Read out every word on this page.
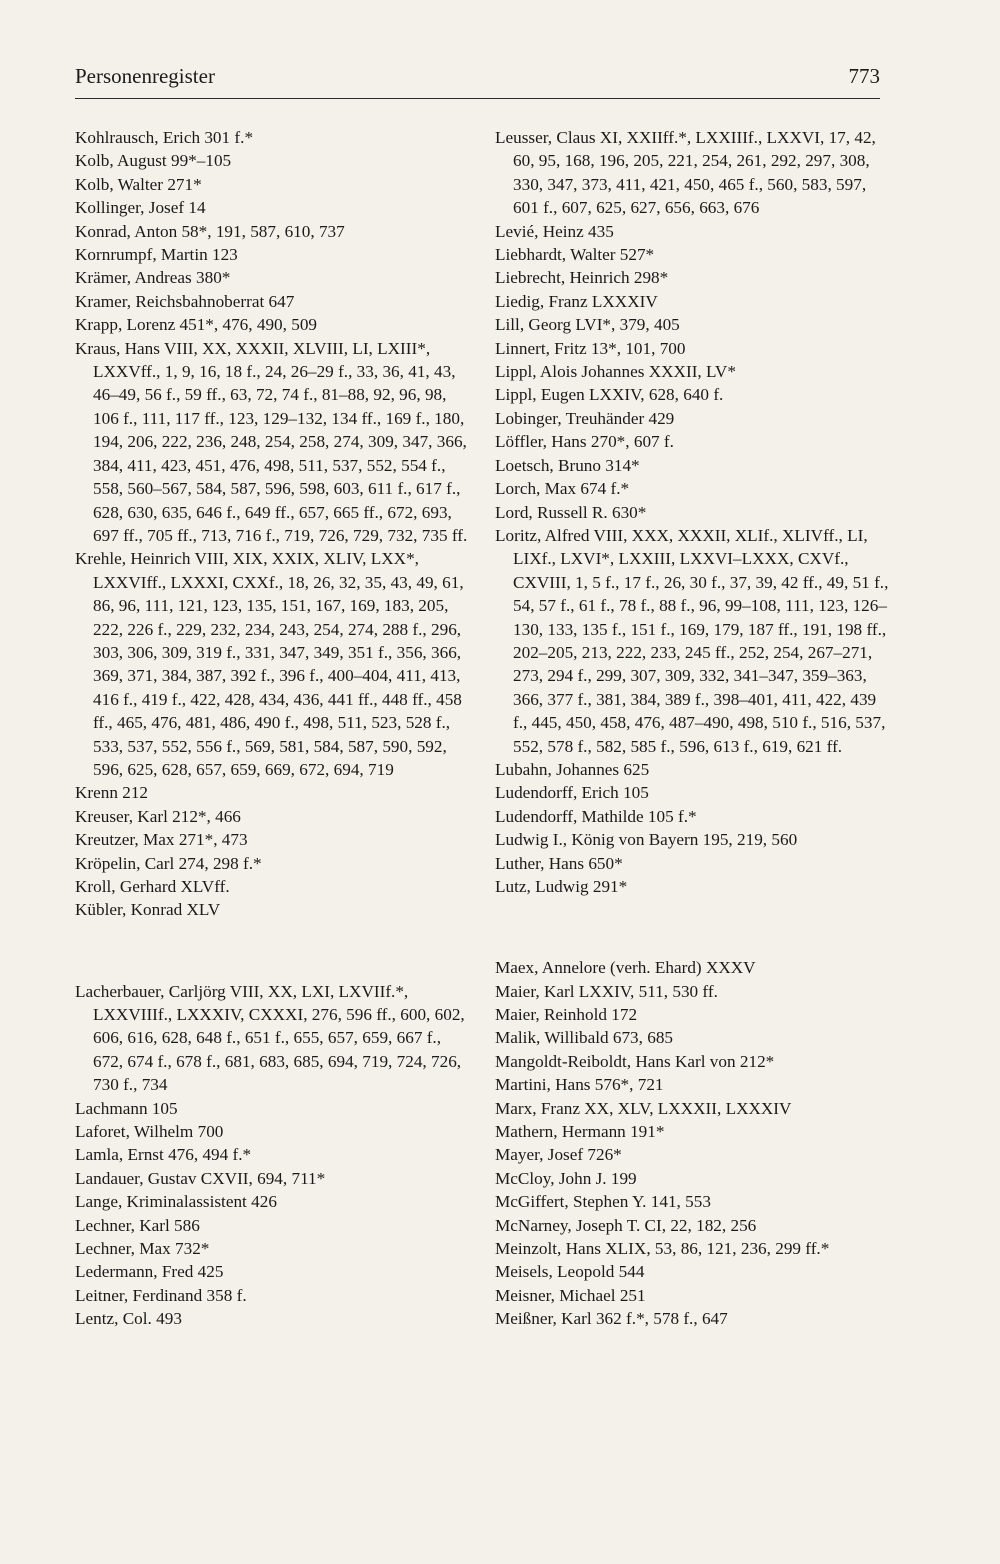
Personenregister	773

Kohlrausch, Erich 301 f.*

Kolb, August 99*–105

Kolb, Walter 271*

Kollinger, Josef 14

Konrad, Anton 58*, 191, 587, 610, 737

Kornrumpf, Martin 123

Krämer, Andreas 380*

Kramer, Reichsbahnoberrat 647

Krapp, Lorenz 451*, 476, 490, 509

Kraus, Hans VIII, XX, XXXII, XLVIII, LI, LXIII*, LXXVff., 1, 9, 16, 18 f., 24, 26–29 f., 33, 36, 41, 43, 46–49, 56 f., 59 ff., 63, 72, 74 f., 81–88, 92, 96, 98, 106 f., 111, 117 ff., 123, 129–132, 134 ff., 169 f., 180, 194, 206, 222, 236, 248, 254, 258, 274, 309, 347, 366, 384, 411, 423, 451, 476, 498, 511, 537, 552, 554 f., 558, 560–567, 584, 587, 596, 598, 603, 611 f., 617 f., 628, 630, 635, 646 f., 649 ff., 657, 665 ff., 672, 693, 697 ff., 705 ff., 713, 716 f., 719, 726, 729, 732, 735 ff.

Krehle, Heinrich VIII, XIX, XXIX, XLIV, LXX*, LXXVIff., LXXXI, CXXf., 18, 26, 32, 35, 43, 49, 61, 86, 96, 111, 121, 123, 135, 151, 167, 169, 183, 205, 222, 226 f., 229, 232, 234, 243, 254, 274, 288 f., 296, 303, 306, 309, 319 f., 331, 347, 349, 351 f., 356, 366, 369, 371, 384, 387, 392 f., 396 f., 400–404, 411, 413, 416 f., 419 f., 422, 428, 434, 436, 441 ff., 448 ff., 458 ff., 465, 476, 481, 486, 490 f., 498, 511, 523, 528 f., 533, 537, 552, 556 f., 569, 581, 584, 587, 590, 592, 596, 625, 628, 657, 659, 669, 672, 694, 719

Krenn 212

Kreuser, Karl 212*, 466

Kreutzer, Max 271*, 473

Kröpelin, Carl 274, 298 f.*

Kroll, Gerhard XLVff.

Kübler, Konrad XLV

Lacherbauer, Carljörg VIII, XX, LXI, LXVIIf.*, LXXVIIIf., LXXXIV, CXXXI, 276, 596 ff., 600, 602, 606, 616, 628, 648 f., 651 f., 655, 657, 659, 667 f., 672, 674 f., 678 f., 681, 683, 685, 694, 719, 724, 726, 730 f., 734

Lachmann 105

Laforet, Wilhelm 700

Lamla, Ernst 476, 494 f.*

Landauer, Gustav CXVII, 694, 711*

Lange, Kriminalassistent 426

Lechner, Karl 586

Lechner, Max 732*

Ledermann, Fred 425

Leitner, Ferdinand 358 f.

Lentz, Col. 493

Leusser, Claus XI, XXIIff.*, LXXIIIf., LXXVI, 17, 42, 60, 95, 168, 196, 205, 221, 254, 261, 292, 297, 308, 330, 347, 373, 411, 421, 450, 465 f., 560, 583, 597, 601 f., 607, 625, 627, 656, 663, 676

Levié, Heinz 435

Liebhardt, Walter 527*

Liebrecht, Heinrich 298*

Liedig, Franz LXXXIV

Lill, Georg LVI*, 379, 405

Linnert, Fritz 13*, 101, 700

Lippl, Alois Johannes XXXII, LV*

Lippl, Eugen LXXIV, 628, 640 f.

Lobinger, Treuhänder 429

Löffler, Hans 270*, 607 f.

Loetsch, Bruno 314*

Lorch, Max 674 f.*

Lord, Russell R. 630*

Loritz, Alfred VIII, XXX, XXXII, XLIf., XLIVff., LI, LIXf., LXVI*, LXXIII, LXXVI–LXXX, CXVf., CXVIII, 1, 5 f., 17 f., 26, 30 f., 37, 39, 42 ff., 49, 51 f., 54, 57 f., 61 f., 78 f., 88 f., 96, 99–108, 111, 123, 126–130, 133, 135 f., 151 f., 169, 179, 187 ff., 191, 198 ff., 202–205, 213, 222, 233, 245 ff., 252, 254, 267–271, 273, 294 f., 299, 307, 309, 332, 341–347, 359–363, 366, 377 f., 381, 384, 389 f., 398–401, 411, 422, 439 f., 445, 450, 458, 476, 487–490, 498, 510 f., 516, 537, 552, 578 f., 582, 585 f., 596, 613 f., 619, 621 ff.

Lubahn, Johannes 625

Ludendorff, Erich 105

Ludendorff, Mathilde 105 f.*

Ludwig I., König von Bayern 195, 219, 560

Luther, Hans 650*

Lutz, Ludwig 291*

Maex, Annelore (verh. Ehard) XXXV

Maier, Karl LXXIV, 511, 530 ff.

Maier, Reinhold 172

Malik, Willibald 673, 685

Mangoldt-Reiboldt, Hans Karl von 212*

Martini, Hans 576*, 721

Marx, Franz XX, XLV, LXXXII, LXXXIV

Mathern, Hermann 191*

Mayer, Josef 726*

McCloy, John J. 199

McGiffert, Stephen Y. 141, 553

McNarney, Joseph T. CI, 22, 182, 256

Meinzolt, Hans XLIX, 53, 86, 121, 236, 299 ff.*

Meisels, Leopold 544

Meisner, Michael 251

Meißner, Karl 362 f.*, 578 f., 647
